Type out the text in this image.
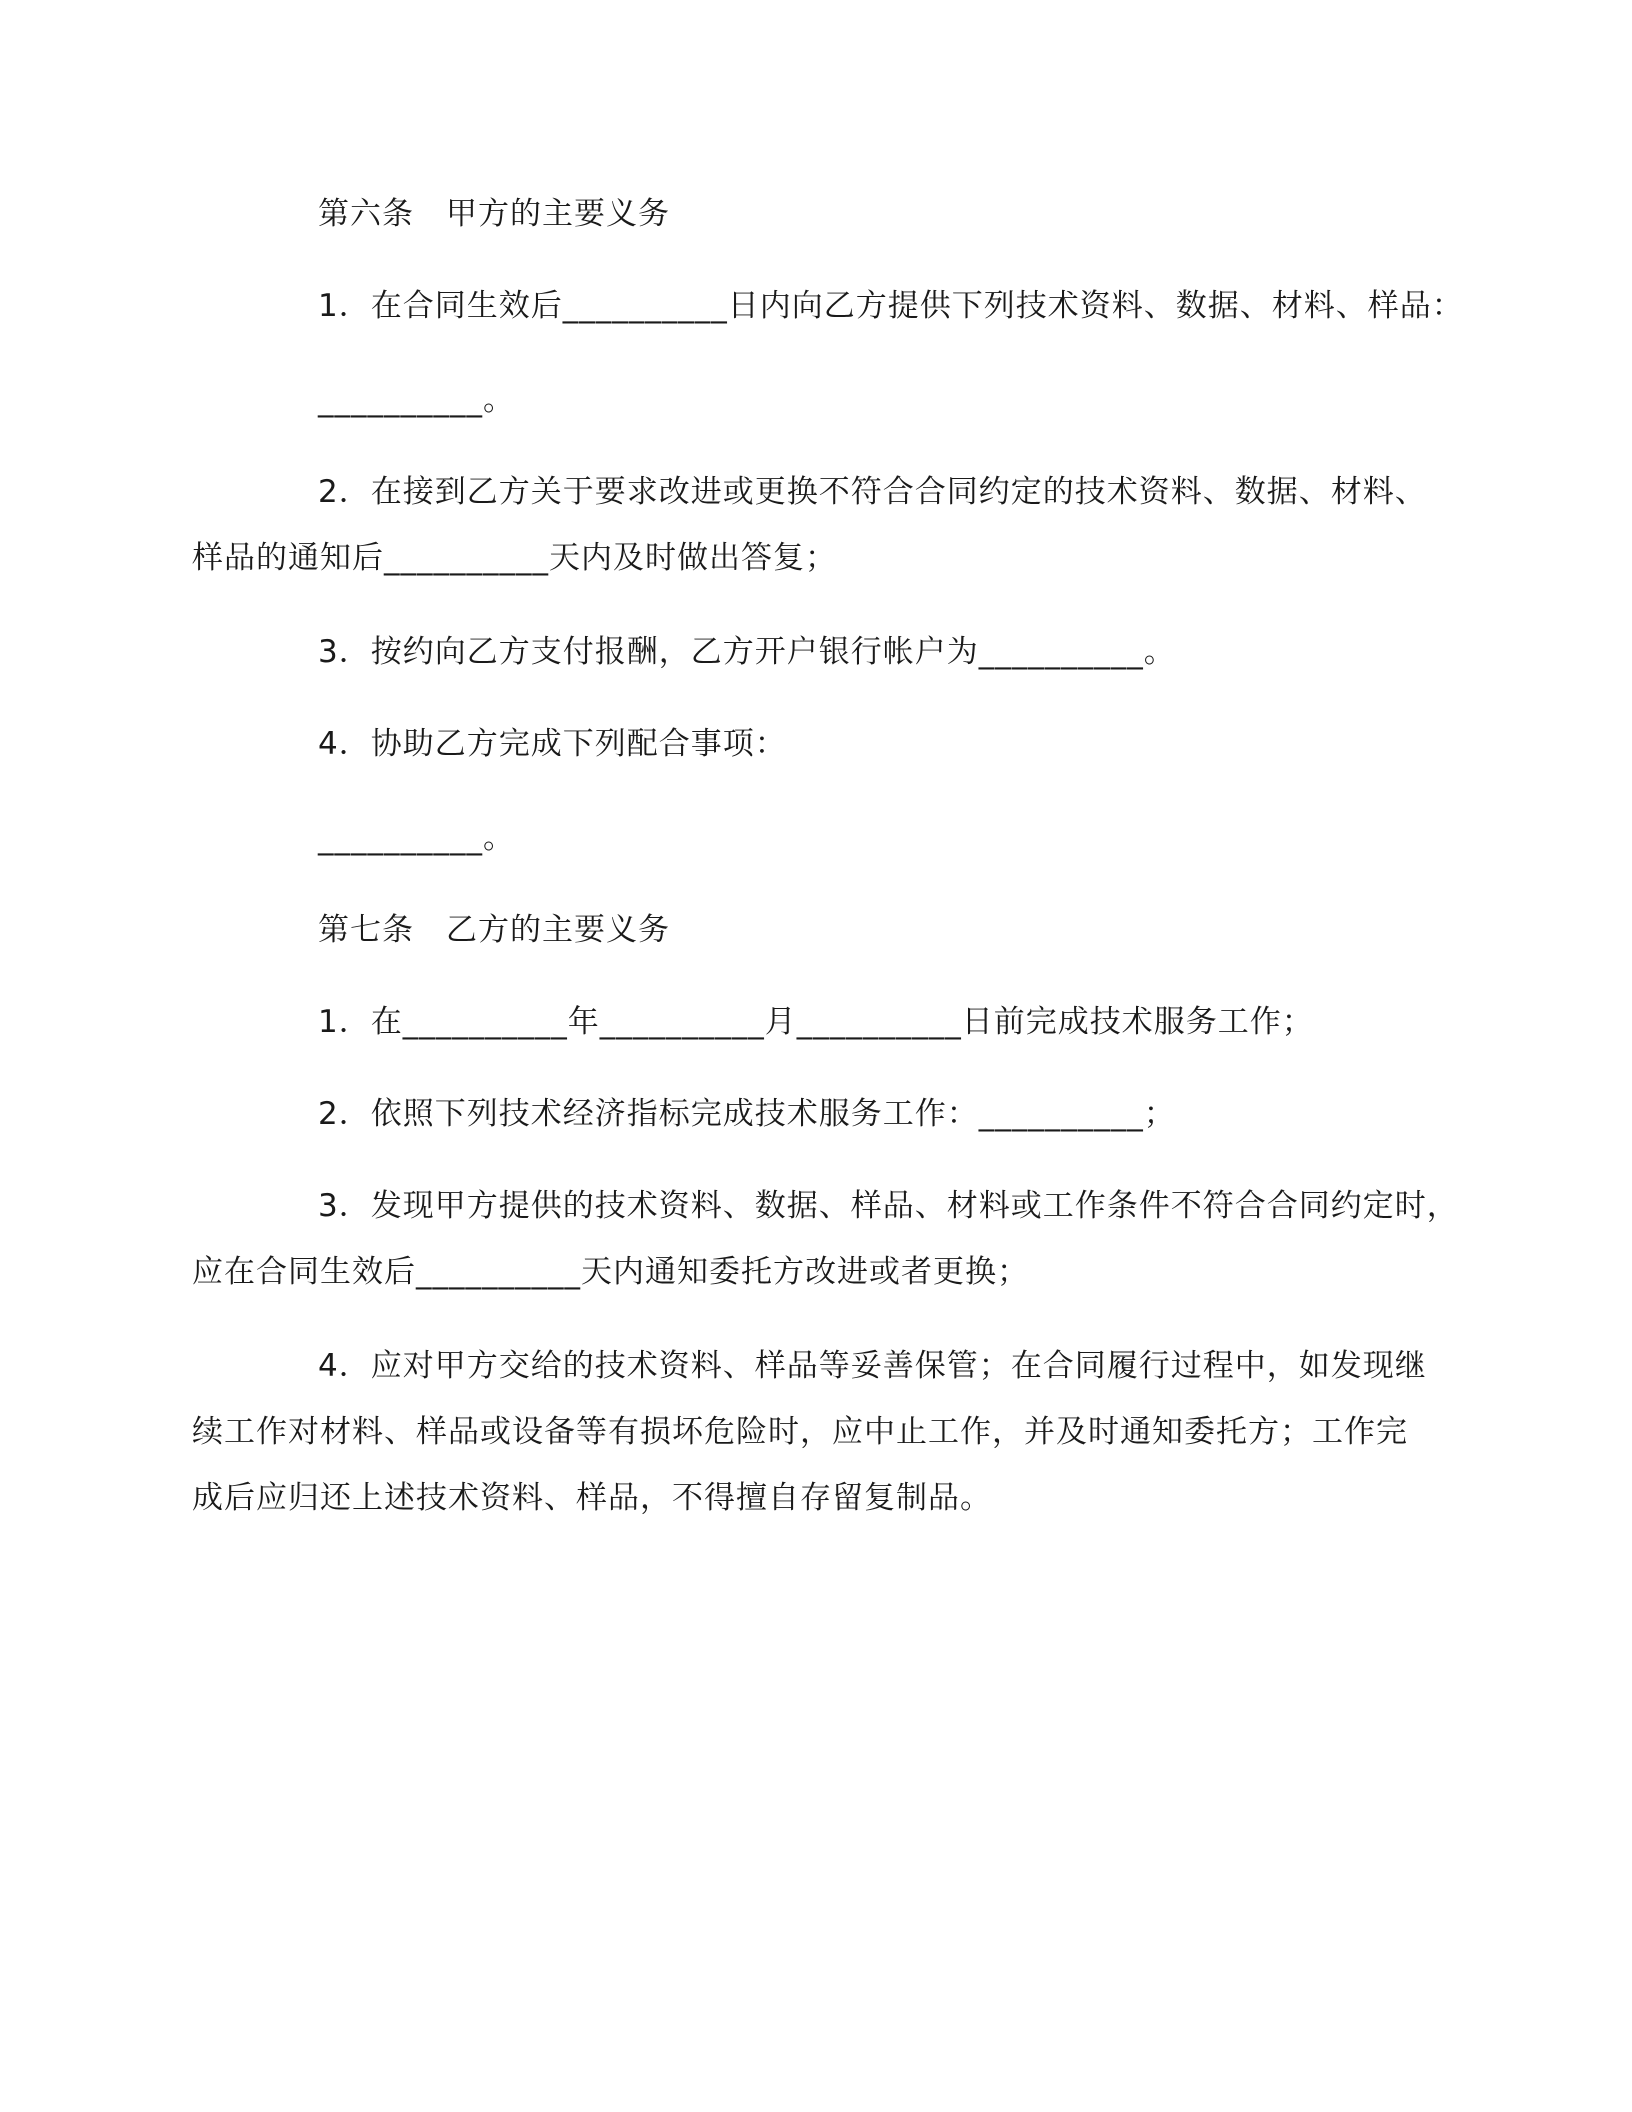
第六条　甲方的主要义务
1．在合同生效后__________日内向乙方提供下列技术资料、数据、材料、样品：
__________。
2．在接到乙方关于要求改进或更换不符合合同约定的技术资料、数据、材料、
样品的通知后__________天内及时做出答复；
3．按约向乙方支付报酬，乙方开户银行帐户为__________。
4．协助乙方完成下列配合事项：
__________。
第七条　乙方的主要义务
1．在__________年__________月__________日前完成技术服务工作；
2．依照下列技术经济指标完成技术服务工作：__________；
3．发现甲方提供的技术资料、数据、样品、材料或工作条件不符合合同约定时，
应在合同生效后__________天内通知委托方改进或者更换；
4．应对甲方交给的技术资料、样品等妥善保管；在合同履行过程中，如发现继
续工作对材料、样品或设备等有损坏危险时，应中止工作，并及时通知委托方；工作完
成后应归还上述技术资料、样品，不得擅自存留复制品。
